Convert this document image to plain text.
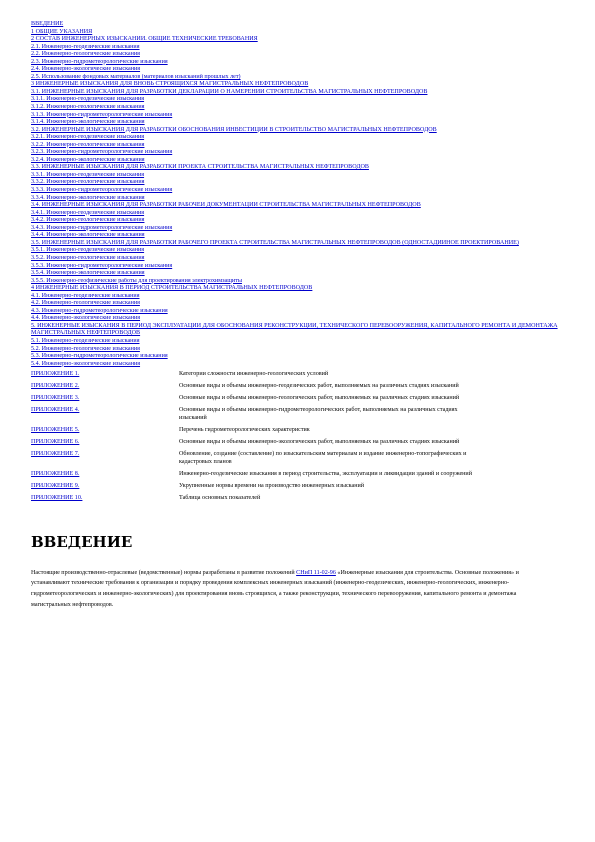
ВВЕДЕНИЕ
1 ОБЩИЕ УКАЗАНИЯ
2 СОСТАВ ИНЖЕНЕРНЫХ ИЗЫСКАНИЙ. ОБЩИЕ ТЕХНИЧЕСКИЕ ТРЕБОВАНИЯ
2.1. Инженерно-геодезические изыскания
2.2. Инженерно-геологические изыскания
2.3. Инженерно-гидрометеорологические изыскания
2.4. Инженерно-экологические изыскания
2.5. Использование фондовых материалов (материалов изысканий прошлых лет)
3 ИНЖЕНЕРНЫЕ ИЗЫСКАНИЯ ДЛЯ ВНОВЬ СТРОЯЩИХСЯ МАГИСТРАЛЬНЫХ НЕФТЕПРОВОДОВ
3.1. ИНЖЕНЕРНЫЕ ИЗЫСКАНИЯ ДЛЯ РАЗРАБОТКИ ДЕКЛАРАЦИИ О НАМЕРЕНИИ СТРОИТЕЛЬСТВА МАГИСТРАЛЬНЫХ НЕФТЕПРОВОДОВ
3.1.1. Инженерно-геодезические изыскания
3.1.2. Инженерно-геологические изыскания
3.1.3. Инженерно-гидрометеорологические изыскания
3.1.4. Инженерно-экологические изыскания
3.2. ИНЖЕНЕРНЫЕ ИЗЫСКАНИЯ ДЛЯ РАЗРАБОТКИ ОБОСНОВАНИЯ ИНВЕСТИЦИЙ В СТРОИТЕЛЬСТВО МАГИСТРАЛЬНЫХ НЕФТЕПРОВОДОВ
3.2.1. Инженерно-геодезические изыскания
3.2.2. Инженерно-геологические изыскания
3.2.3. Инженерно-гидрометеорологические изыскания
3.2.4. Инженерно-экологические изыскания
3.3. ИНЖЕНЕРНЫЕ ИЗЫСКАНИЯ ДЛЯ РАЗРАБОТКИ ПРОЕКТА СТРОИТЕЛЬСТВА МАГИСТРАЛЬНЫХ НЕФТЕПРОВОДОВ
3.3.1. Инженерно-геодезические изыскания
3.3.2. Инженерно-геологические изыскания
3.3.3. Инженерно-гидрометеорологические изыскания
3.3.4. Инженерно-экологические изыскания
3.4. ИНЖЕНЕРНЫЕ ИЗЫСКАНИЯ ДЛЯ РАЗРАБОТКИ РАБОЧЕЙ ДОКУМЕНТАЦИИ СТРОИТЕЛЬСТВА МАГИСТРАЛЬНЫХ НЕФТЕПРОВОДОВ
3.4.1. Инженерно-геодезические изыскания
3.4.2. Инженерно-геологические изыскания
3.4.3. Инженерно-гидрометеорологические изыскания
3.4.4. Инженерно-экологические изыскания
3.5. ИНЖЕНЕРНЫЕ ИЗЫСКАНИЯ ДЛЯ РАЗРАБОТКИ РАБОЧЕГО ПРОЕКТА СТРОИТЕЛЬСТВА МАГИСТРАЛЬНЫХ НЕФТЕПРОВОДОВ (ОДНОСТАДИЙНОЕ ПРОЕКТИРОВАНИЕ)
3.5.1. Инженерно-геодезические изыскания
3.5.2. Инженерно-геологические изыскания
3.5.3. Инженерно-гидрометеорологические изыскания
3.5.4. Инженерно-экологические изыскания
3.5.5. Инженерно-геофизические работы для проектирования электрохимзащиты
4 ИНЖЕНЕРНЫЕ ИЗЫСКАНИЯ В ПЕРИОД СТРОИТЕЛЬСТВА МАГИСТРАЛЬНЫХ НЕФТЕПРОВОДОВ
4.1. Инженерно-геодезические изыскания
4.2. Инженерно-геологические изыскания
4.3. Инженерно-гидрометеорологические изыскания
4.4. Инженерно-экологические изыскания
5. ИНЖЕНЕРНЫЕ ИЗЫСКАНИЯ В ПЕРИОД ЭКСПЛУАТАЦИИ ДЛЯ ОБОСНОВАНИЯ РЕКОНСТРУКЦИИ, ТЕХНИЧЕСКОГО ПЕРЕВООРУЖЕНИЯ, КАПИТАЛЬНОГО РЕМОНТА И ДЕМОНТАЖА МАГИСТРАЛЬНЫХ НЕФТЕПРОВОДОВ
5.1. Инженерно-геодезические изыскания
5.2. Инженерно-геологические изыскания
5.3. Инженерно-гидрометеорологические изыскания
5.4. Инженерно-экологические изыскания
ПРИЛОЖЕНИЕ 1.	Категории сложности инженерно-геологических условий
ПРИЛОЖЕНИЕ 2.	Основные виды и объемы инженерно-геодезических работ, выполняемых на различных стадиях изысканий
ПРИЛОЖЕНИЕ 3.	Основные виды и объемы инженерно-геологических работ, выполняемых на различных стадиях изысканий
ПРИЛОЖЕНИЕ 4.	Основные виды и объемы инженерно-гидрометеорологических работ, выполняемых на различных стадиях изысканий
ПРИЛОЖЕНИЕ 5.	Перечень гидрометеорологических характеристик
ПРИЛОЖЕНИЕ 6.	Основные виды и объемы инженерно-экологических работ, выполняемых на различных стадиях изысканий
ПРИЛОЖЕНИЕ 7.	Обновление, создание (составление) по изыскательским материалам и издание инженерно-топографических и кадастровых планов
ПРИЛОЖЕНИЕ 8.	Инженерно-геодезические изыскания в период строительства, эксплуатации и ликвидации зданий и сооружений
ПРИЛОЖЕНИЕ 9.	Укрупненные нормы времени на производство инженерных изысканий
ПРИЛОЖЕНИЕ 10.	Таблица основных показателей
ВВЕДЕНИЕ

Настоящие производственно-отраслевые (ведомственные) нормы разработаны в развитие положений СНиП 11-02-96 «Инженерные изыскания для строительства. Основные положения» и устанавливают технические требования к организации и порядку проведения комплексных инженерных изысканий (инженерно-геодезических, инженерно-геологических, инженерно-гидрометеорологических и инженерно-экологических) для проектирования вновь строящихся, а также реконструкции, технического перевооружения, капитального ремонта и демонтажа магистральных нефтепроводов.
